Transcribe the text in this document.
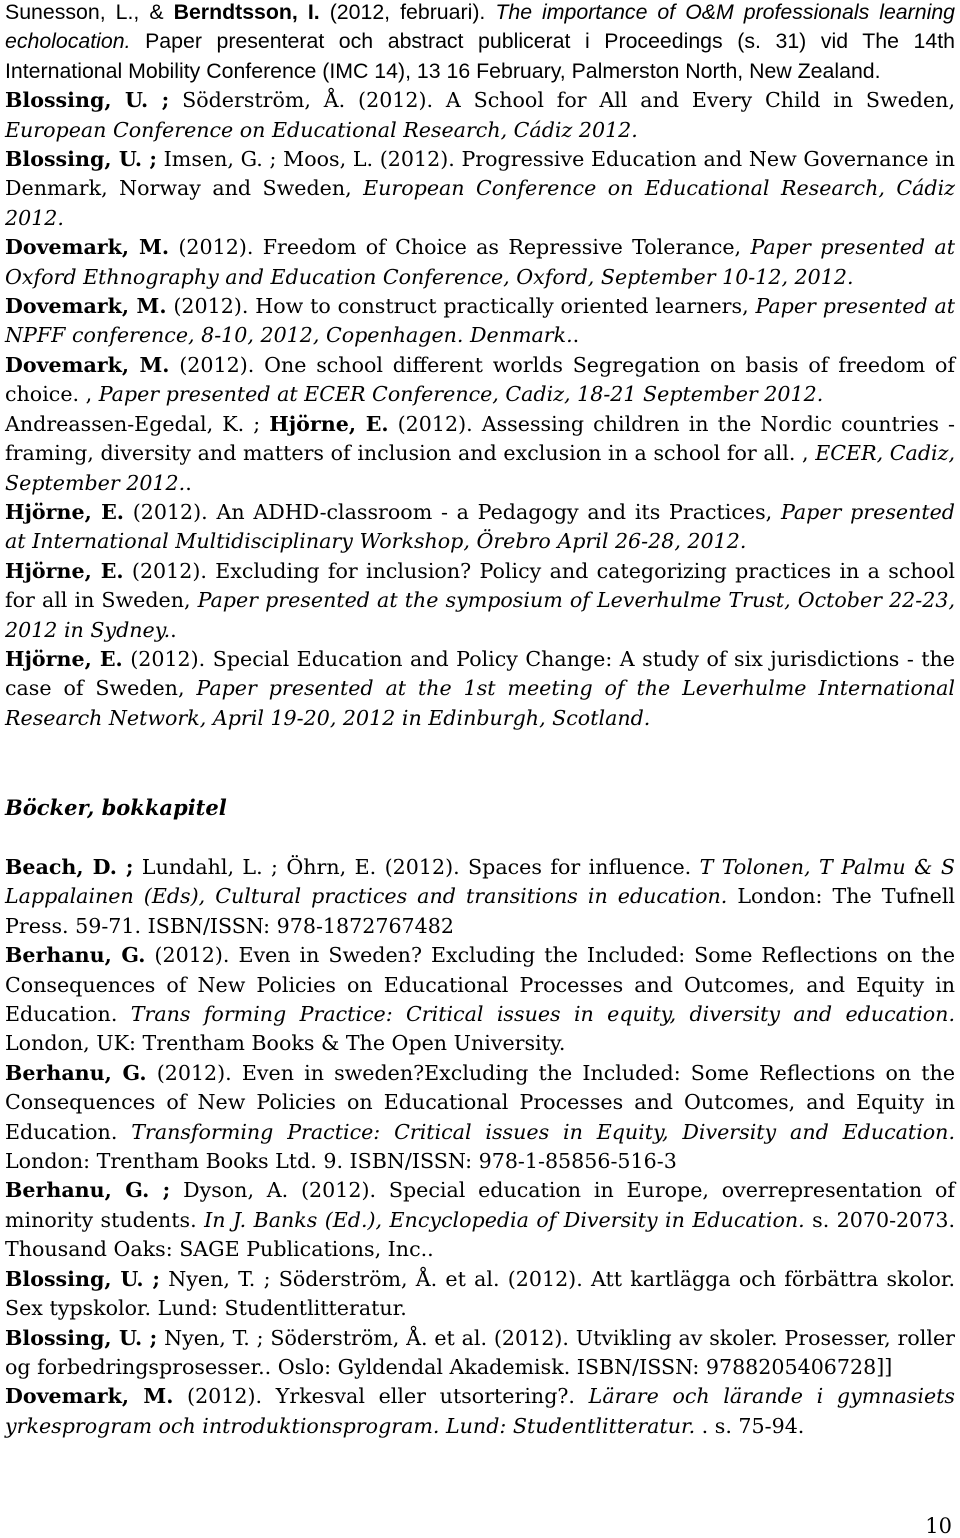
Sunesson, L., & Berndtsson, I. (2012, februari). The importance of O&M professionals learning echolocation. Paper presenterat och abstract publicerat i Proceedings (s. 31) vid The 14th International Mobility Conference (IMC 14), 13 16 February, Palmerston North, New Zealand.

Blossing, U. ; Söderström, Å. (2012). A School for All and Every Child in Sweden, European Conference on Educational Research, Cádiz 2012.

Blossing, U. ; Imsen, G. ; Moos, L. (2012). Progressive Education and New Governance in Denmark, Norway and Sweden, European Conference on Educational Research, Cádiz 2012.

Dovemark, M. (2012). Freedom of Choice as Repressive Tolerance, Paper presented at Oxford Ethnography and Education Conference, Oxford, September 10-12, 2012.

Dovemark, M. (2012). How to construct practically oriented learners, Paper presented at NPFF conference, 8-10, 2012, Copenhagen. Denmark..

Dovemark, M. (2012). One school different worlds Segregation on basis of freedom of choice. , Paper presented at ECER Conference, Cadiz, 18-21 September 2012.

Andreassen-Egedal, K. ; Hjörne, E. (2012). Assessing children in the Nordic countries - framing, diversity and matters of inclusion and exclusion in a school for all. , ECER, Cadiz, September 2012..

Hjörne, E. (2012). An ADHD-classroom - a Pedagogy and its Practices, Paper presented at International Multidisciplinary Workshop, Örebro April 26-28, 2012.

Hjörne, E. (2012). Excluding for inclusion? Policy and categorizing practices in a school for all in Sweden, Paper presented at the symposium of Leverhulme Trust, October 22-23, 2012 in Sydney..

Hjörne, E. (2012). Special Education and Policy Change: A study of six jurisdictions - the case of Sweden, Paper presented at the 1st meeting of the Leverhulme International Research Network, April 19-20, 2012 in Edinburgh, Scotland.

Böcker, bokkapitel

Beach, D. ; Lundahl, L. ; Öhrn, E. (2012). Spaces for influence. T Tolonen, T Palmu & S Lappalainen (Eds), Cultural practices and transitions in education. London: The Tufnell Press. 59-71. ISBN/ISSN: 978-1872767482

Berhanu, G. (2012). Even in Sweden? Excluding the Included: Some Reflections on the Consequences of New Policies on Educational Processes and Outcomes, and Equity in Education. Trans forming Practice: Critical issues in equity, diversity and education. London, UK: Trentham Books & The Open University.

Berhanu, G. (2012). Even in sweden?Excluding the Included: Some Reflections on the Consequences of New Policies on Educational Processes and Outcomes, and Equity in Education. Transforming Practice: Critical issues in Equity, Diversity and Education. London: Trentham Books Ltd. 9. ISBN/ISSN: 978-1-85856-516-3

Berhanu, G. ; Dyson, A. (2012). Special education in Europe, overrepresentation of minority students. In J. Banks (Ed.), Encyclopedia of Diversity in Education. s. 2070-2073. Thousand Oaks: SAGE Publications, Inc..

Blossing, U. ; Nyen, T. ; Söderström, Å. et al. (2012). Att kartlägga och förbättra skolor. Sex typskolor. Lund: Studentlitteratur.

Blossing, U. ; Nyen, T. ; Söderström, Å. et al. (2012). Utvikling av skoler. Prosesser, roller og forbedringsprosesser.. Oslo: Gyldendal Akademisk. ISBN/ISSN: 9788205406728]]

Dovemark, M. (2012). Yrkesval eller utsortering?. Lärare och lärande i gymnasiets yrkesprogram och introduktionsprogram. Lund: Studentlitteratur. . s. 75-94.

10
